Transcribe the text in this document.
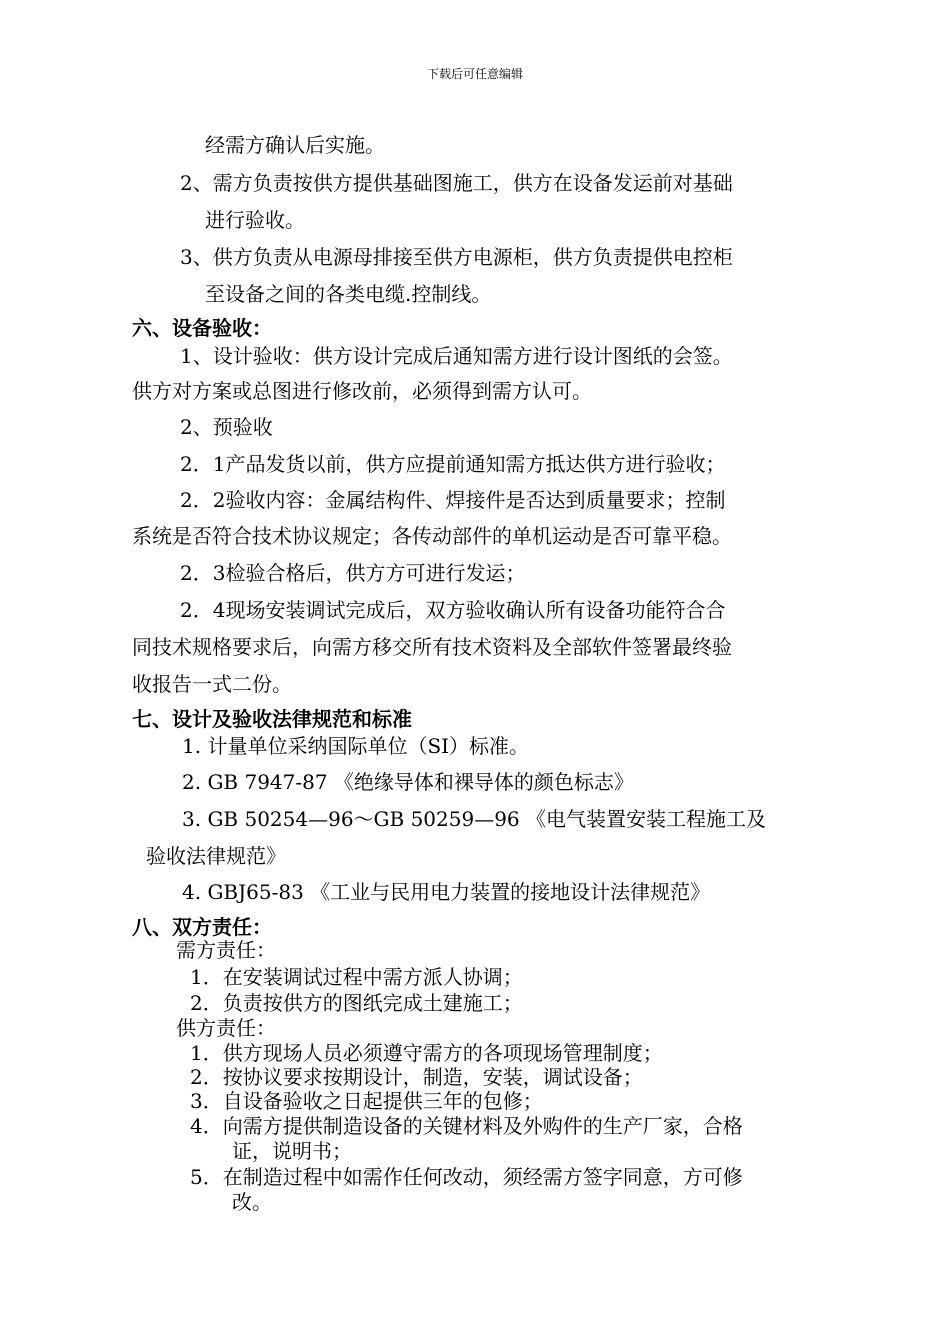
下载后可任意编辑
经需方确认后实施。
2、需方负责按供方提供基础图施工，供方在设备发运前对基础
进行验收。
3、供方负责从电源母排接至供方电源柜，供方负责提供电控柜
至设备之间的各类电缆.控制线。
六、设备验收：
1、设计验收：供方设计完成后通知需方进行设计图纸的会签。
供方对方案或总图进行修改前，必须得到需方认可。
2、预验收
2．1产品发货以前，供方应提前通知需方抵达供方进行验收；
2．2验收内容：金属结构件、焊接件是否达到质量要求；控制
系统是否符合技术协议规定；各传动部件的单机运动是否可靠平稳。
2．3检验合格后，供方方可进行发运；
2．4现场安装调试完成后，双方验收确认所有设备功能符合合
同技术规格要求后，向需方移交所有技术资料及全部软件签署最终验
收报告一式二份。
七、设计及验收法律规范和标准
1. 计量单位采纳国际单位（SI）标准。
2. GB 7947-87 《绝缘导体和裸导体的颜色标志》
3. GB 50254—96～GB 50259—96 《电气装置安装工程施工及
验收法律规范》
4. GBJ65-83 《工业与民用电力装置的接地设计法律规范》
八、双方责任：
需方责任：
1．在安装调试过程中需方派人协调；
2．负责按供方的图纸完成土建施工；
供方责任：
1．供方现场人员必须遵守需方的各项现场管理制度；
2．按协议要求按期设计，制造，安装，调试设备；
3．自设备验收之日起提供三年的包修；
4．向需方提供制造设备的关键材料及外购件的生产厂家，合格
证，说明书；
5．在制造过程中如需作任何改动，须经需方签字同意，方可修
改。
